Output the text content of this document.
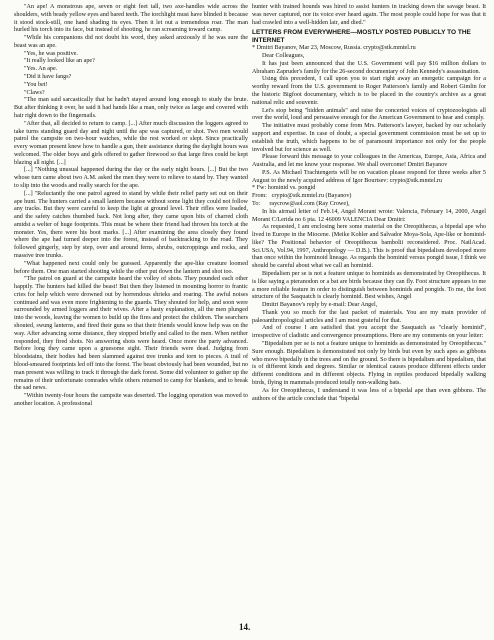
"An ape! A monstrous ape, seven or eight feet tall, two axe-handles wide across the shoulders, with beady yellow eyes and bared teeth. The torchlight must have blinded it because it stood stock-still, one hand shading its eyes. Then it let out a tremendous roar. The man hurled his torch into its face, but instead of shooting, he ran screaming toward camp.

"While his companions did not doubt his word, they asked anxiously if he was sure the beast was an ape.

"Yes, he was positive.

"It really looked like an ape?

"Yes. An ape.

"Did it have fangs?

"You bet!

"Claws?

"The man said sarcastically that he hadn't stayed around long enough to study the brute. But after thinking it over, he said it had hands like a man, only twice as large and covered with hair right down to the fingernails.

"After that, all decided to return to camp. [...] After much discussion the loggers agreed to take turns standing guard day and night until the ape was captured, or shot. Two men would patrol the campsite on two-hour watches, while the rest worked or slept. Since practically every woman present knew how to handle a gun, their assistance during the daylight hours was welcomed. The older boys and girls offered to gather firewood so that large fires could be kept blazing all night. [...]

[...] "Nothing unusual happened during the day or the early night hours. [...] But the two whose turn came about two A.M. asked the men they were to relieve to stand by. They wanted to slip into the woods and really search for the ape.

[...] "Reluctantly the one patrol agreed to stand by while their relief party set out on their ape hunt. The hunters carried a small lantern because without some light they could not follow any tracks. But they were careful to keep the light at ground level. Their rifles were loaded, and the safety catches thumbed back. Not long after, they came upon bits of charred cloth amidst a welter of huge footprints. This must be where their friend had thrown his torch at the monster. Yes, there were his boot marks. [...] After examining the area closely they found where the ape had turned deeper into the forest, instead of backtracking to the road. They followed gingerly, step by step, over and around ferns, shrubs, outcroppings and rocks, and massive tree trunks.

"What happened next could only be guessed. Apparently the ape-like creature loomed before them. One man started shooting while the other put down the lantern and shot too.

"The patrol on guard at the campsite heard the volley of shots. They pounded each other happily. The hunters had killed the beast! But then they listened in mounting horror to frantic cries for help which were drowned out by horrendous shrieks and roaring. The awful noises continued and was even more frightening to the guards. They shouted for help, and soon were surrounded by armed loggers and their wives. After a hasty explanation, all the men plunged into the woods, leaving the women to build up the fires and protect the children. The searchers shouted, swung lanterns, and fired their guns so that their friends would know help was on the way. After advancing some distance, they stopped briefly and called to the men. When neither responded, they fired shots. No answering shots were heard. Once more the party advanced. Before long they came upon a gruesome sight. Their friends were dead. Judging from bloodstains, their bodies had been slammed against tree trunks and torn to pieces. A trail of blood-smeared footprints led off into the forest. The beast obviously had been wounded, but no man present was willing to track it through the dark forest. Some did volunteer to gather up the remains of their unfortunate comrades while others returned to camp for blankets, and to break the sad news.

"Within twenty-four hours the campsite was deserted. The logging operation was moved to another location. A professional

hunter with trained hounds was hired to assist hunters in tracking down the savage beast. It was never captured, nor its voice ever heard again. The most people could hope for was that it had crawled into a well-hidden lair, and died."

LETTERS FROM EVERYWHERE—MOSTLY POSTED PUBLICLY TO THE INTERNET

* Dmitri Bayanov, Mar 23, Moscow, Russia. crypto@stk.mmtel.ru

Dear Colleagues,

It has just been announced that the U.S. Government will pay $16 million dollars to Abraham Zapruder's family for the 26-second documentary of John Kennedy's assassination.

Using this precedent, I call upon you to start right away an energetic campaign for a worthy reward from the U.S. government to Roger Patterson's family and Robert Gimlin for the historic Bigfoot documentary, which is to be placed in the country's archive as a great national relic and souvenir.

Let's stop being "hidden animals" and raise the concerted voices of cryptozoologists all over the world, loud and persuasive enough for the American Government to hear and comply.

The initiative must probably come from Mrs. Patterson's lawyer, backed by our scholarly support and expertise. In case of doubt, a special government commission must be set up to establish the truth, which happens to be of paramount importance not only for the people involved but for science as well.

Please forward this message to your colleagues in the Americas, Europe, Asia, Africa and Australia, and let me know your response. We shall overcome! Dmitri Bayanov

P.S. As Michael Trachtengerts will be on vacation please respond for three weeks after 5 August to the newly acquired address of Igor Bourtsev: crypto@stk.mmtel.ru

* Fw: hominid vs. pongid

From: crypto@stk.mmtel.ru (Bayanov)

To: raycrow@aol.com (Ray Crowe),

In his airmail letter of Feb.14, Angel Morant wrote: Valencia, February 14, 2000, Angel Morant C/Lerida no 6 pta. 12 46009 VALENCIA Dear Dmitri:

As requested, I am enclosing here some material on the Oreopithecus, a bipedal ape who lived in Europe in the Miocene. (Meike Kohler and Salvador Moya-Sola, Ape-like or hominid-like? The Positional behavior of Oreopithecus bambolii reconsidered. Proc. NatlAcad. Sci.USA, Vol.94, 1997, Anthropology — D.B.). This is proof that bipedalism developed more than once within the hominoid lineage. As regards the hominid versus pongid issue, I think we should be careful about what we call an hominid.

Bipedalism per se is not a feature unique to hominids as demonstrated by Oreopithecus. It is like saying a pteranodon or a bat are birds because they can fly. Foot structure appears to me a more reliable feature in order to distinguish between hominids and pongids. To me, the foot structure of the Sasquatch is clearly hominid. Best wishes, Angel

Dmitri Bayanov's reply by e-mail: Dear Angel,

Thank you so much for the last packet of materials. You are my main provider of paleoanthropological articles and I am most grateful for that.

And of course I am satisfied that you accept the Sasquatch as "clearly hominid", irrespective of cladistic and convergence presumptions. Here are my comments on your letter:

"Bipedalism per se is not a feature unique to hominids as demonstrated by Oreopithecus." Sure enough. Bipedalism is demonstrated not only by birds but even by such apes as gibbons who move bipedally in the trees and on the ground. So there is bipedalism and bipedalism, that is of different kinds and degrees. Similar or identical causes produce different effects under different conditions and in different objects. Flying in reptiles produced bipedally walking birds, flying in mammals produced totally non-walking bats.

As for Oreopithecus, I understand it was less of a bipedal ape than even gibbons. The authors of the article conclude that "bipedal

14.
